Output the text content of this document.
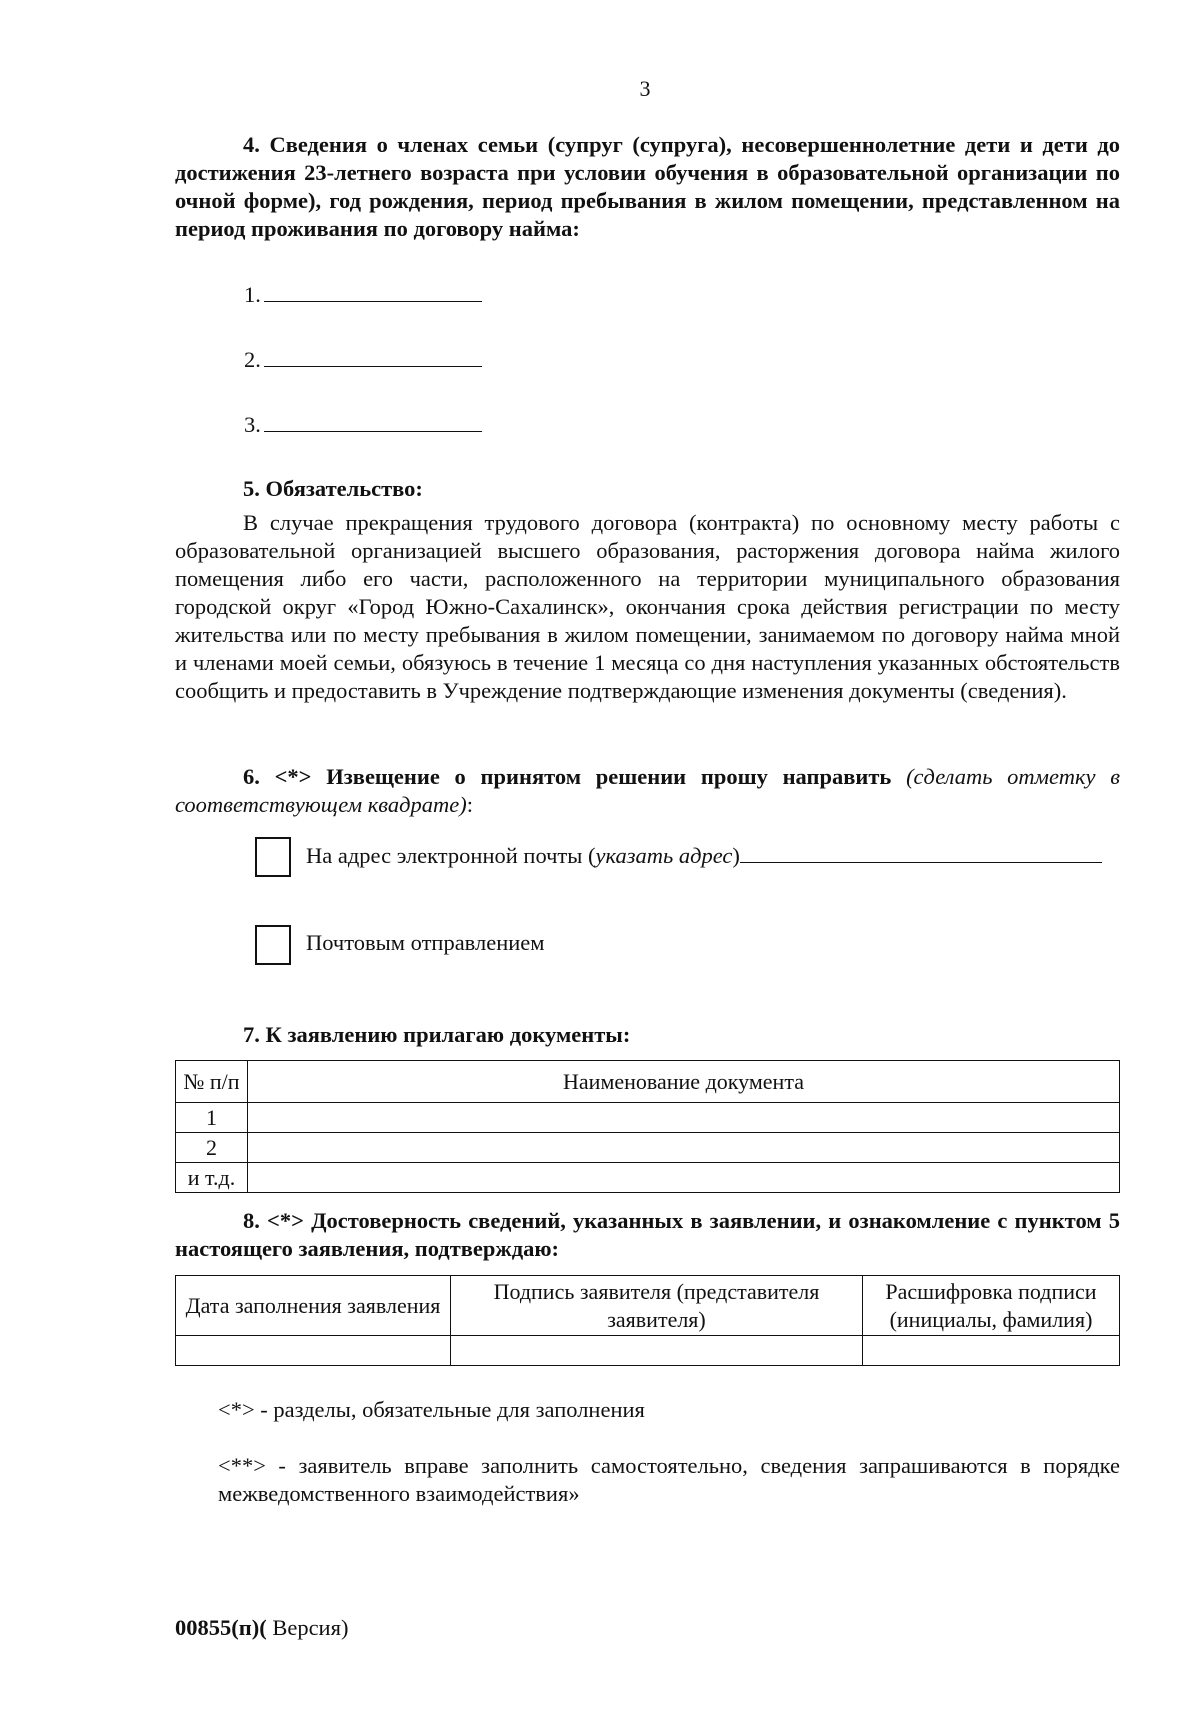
3
4. Сведения о членах семьи (супруг (супруга), несовершеннолетние дети и дети до достижения 23-летнего возраста при условии обучения в образовательной организации по очной форме), год рождения, период пребывания в жилом помещении, представленном на период проживания по договору найма:
1.
2.
3.
5. Обязательство:
В случае прекращения трудового договора (контракта) по основному месту работы с образовательной организацией высшего образования, расторжения договора найма жилого помещения либо его части, расположенного на территории муниципального образования городской округ «Город Южно-Сахалинск», окончания срока действия регистрации по месту жительства или по месту пребывания в жилом помещении, занимаемом по договору найма мной и членами моей семьи, обязуюсь в течение 1 месяца со дня наступления указанных обстоятельств сообщить и предоставить в Учреждение подтверждающие изменения документы (сведения).
6. <*> Извещение о принятом решении прошу направить (сделать отметку в соответствующем квадрате):
На адрес электронной почты (указать адрес)
Почтовым отправлением
7. К заявлению прилагаю документы:
№ п/п	Наименование документа
1	
2	
и т.д.	
8. <*> Достоверность сведений, указанных в заявлении, и ознакомление с пунктом 5 настоящего заявления, подтверждаю:
Дата заполнения заявления	Подпись заявителя (представителя заявителя)	Расшифровка подписи (инициалы, фамилия)

<*> - разделы, обязательные для заполнения
<**> - заявитель вправе заполнить самостоятельно, сведения запрашиваются в порядке межведомственного взаимодействия»
00855(п)( Версия)
